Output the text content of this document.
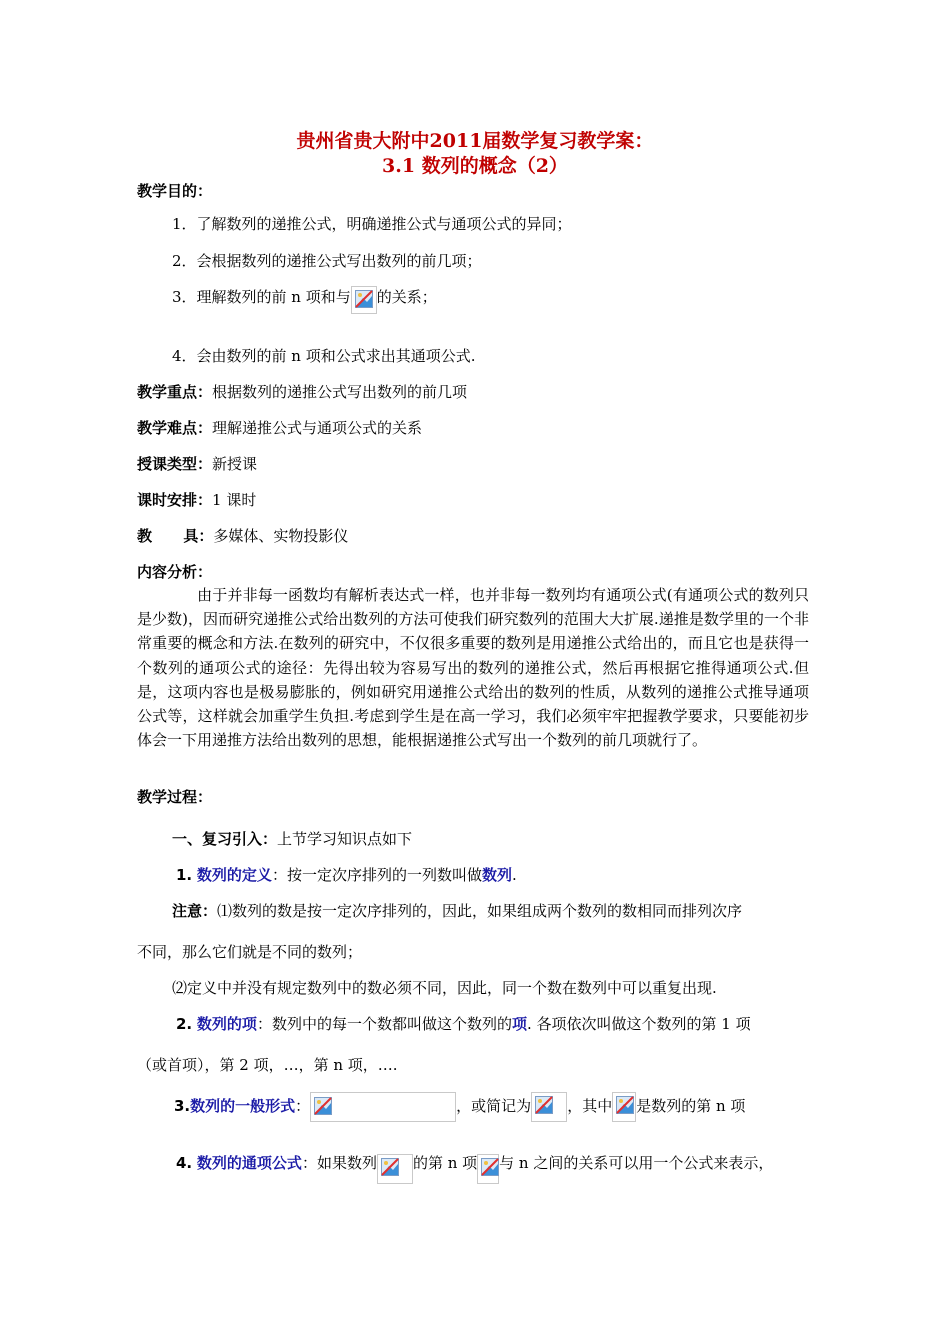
贵州省贵大附中2011届数学复习教学案：
3.1 数列的概念（2）
教学目的：
1．了解数列的递推公式，明确递推公式与通项公式的异同；
2．会根据数列的递推公式写出数列的前几项；
3．理解数列的前 n 项和与 的关系；
4．会由数列的前 n 项和公式求出其通项公式.
教学重点：根据数列的递推公式写出数列的前几项
教学难点：理解递推公式与通项公式的关系
授课类型：新授课
课时安排：1 课时
教      具：多媒体、实物投影仪
内容分析：
由于并非每一函数均有解析表达式一样，也并非每一数列均有通项公式(有通项公式的数列只是少数)，因而研究递推公式给出数列的方法可使我们研究数列的范围大大扩展.递推是数学里的一个非常重要的概念和方法.在数列的研究中，不仅很多重要的数列是用递推公式给出的，而且它也是获得一个数列的通项公式的途径：先得出较为容易写出的数列的递推公式，然后再根据它推得通项公式.但是，这项内容也是极易膨胀的，例如研究用递推公式给出的数列的性质，从数列的递推公式推导通项公式等，这样就会加重学生负担.考虑到学生是在高一学习，我们必须牢牢把握教学要求，只要能初步体会一下用递推方法给出数列的思想，能根据递推公式写出一个数列的前几项就行了。
教学过程：
一、复习引入：上节学习知识点如下
1. 数列的定义：按一定次序排列的一列数叫做数列.
注意：⑴数列的数是按一定次序排列的，因此，如果组成两个数列的数相同而排列次序
不同，那么它们就是不同的数列；
⑵定义中并没有规定数列中的数必须不同，因此，同一个数在数列中可以重复出现.
2. 数列的项：数列中的每一个数都叫做这个数列的项. 各项依次叫做这个数列的第 1 项
（或首项），第 2 项，…，第 n 项，….
3.数列的一般形式：	，或简记为 ，其中 是数列的第 n 项
4. 数列的通项公式：如果数列 的第 n 项 与 n 之间的关系可以用一个公式来表示，
